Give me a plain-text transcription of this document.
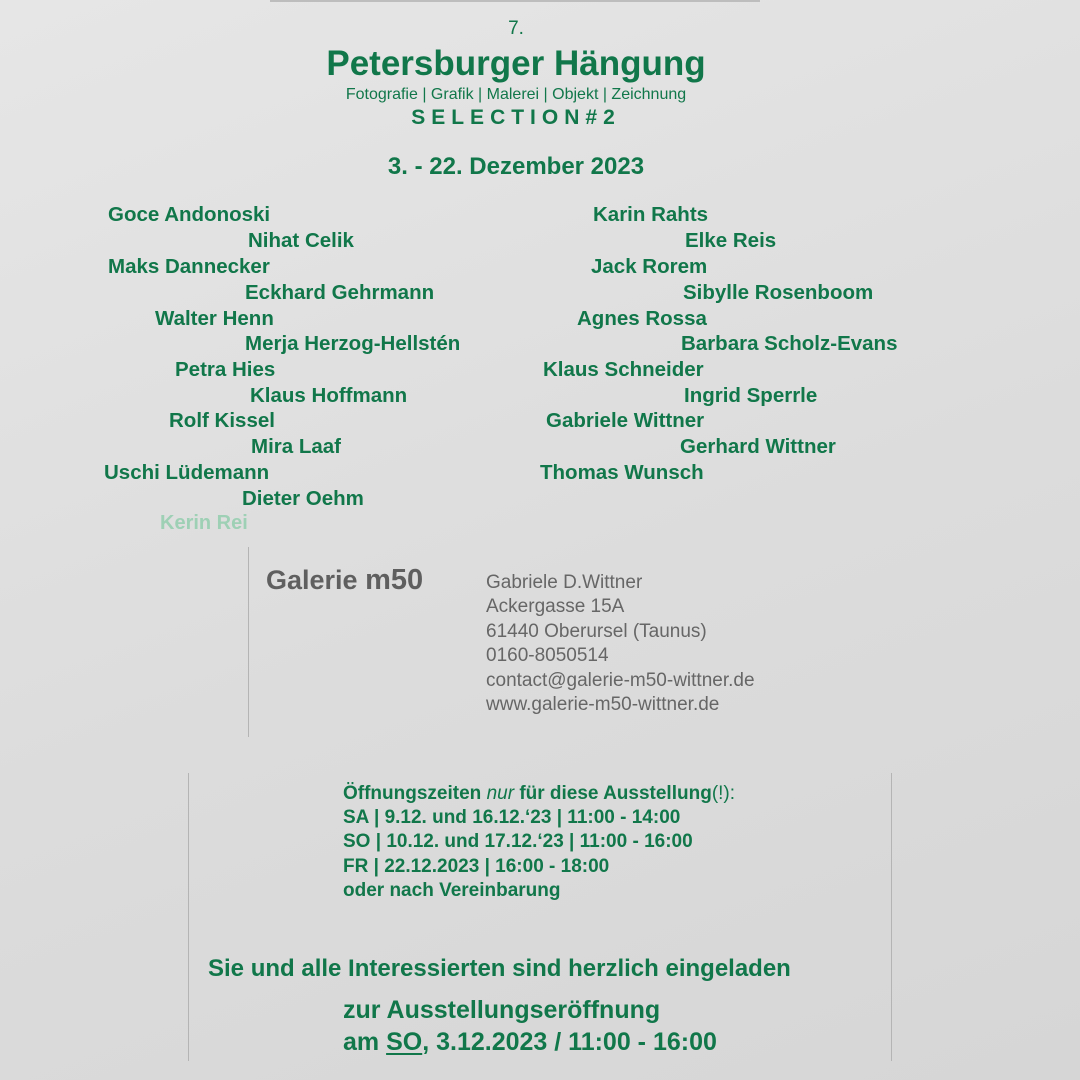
7.
Petersburger Hängung
Fotografie | Grafik | Malerei | Objekt | Zeichnung
SELECTION#2
3. - 22. Dezember 2023
Goce Andonoski
Nihat Celik
Maks Dannecker
Eckhard Gehrmann
Walter Henn
Merja Herzog-Hellstén
Petra Hies
Klaus Hoffmann
Rolf Kissel
Mira Laaf
Uschi Lüdemann
Dieter Oehm
Kerin Rei
Karin Rahts
Elke Reis
Jack Rorem
Sibylle Rosenboom
Agnes Rossa
Barbara Scholz-Evans
Klaus Schneider
Ingrid Sperrle
Gabriele Wittner
Gerhard Wittner
Thomas Wunsch
Galerie m50	Gabriele D.Wittner
Ackergasse 15A
61440 Oberursel (Taunus)
0160-8050514
contact@galerie-m50-wittner.de
www.galerie-m50-wittner.de
Öffnungszeiten nur für diese Ausstellung(!):
SA | 9.12. und 16.12.‘23 | 11:00 - 14:00
SO | 10.12. und 17.12.‘23 | 11:00 - 16:00
FR | 22.12.2023 | 16:00 - 18:00
oder nach Vereinbarung
Sie und alle Interessierten sind herzlich eingeladen
zur Ausstellungseröffnung
am SO, 3.12.2023 / 11:00 - 16:00
